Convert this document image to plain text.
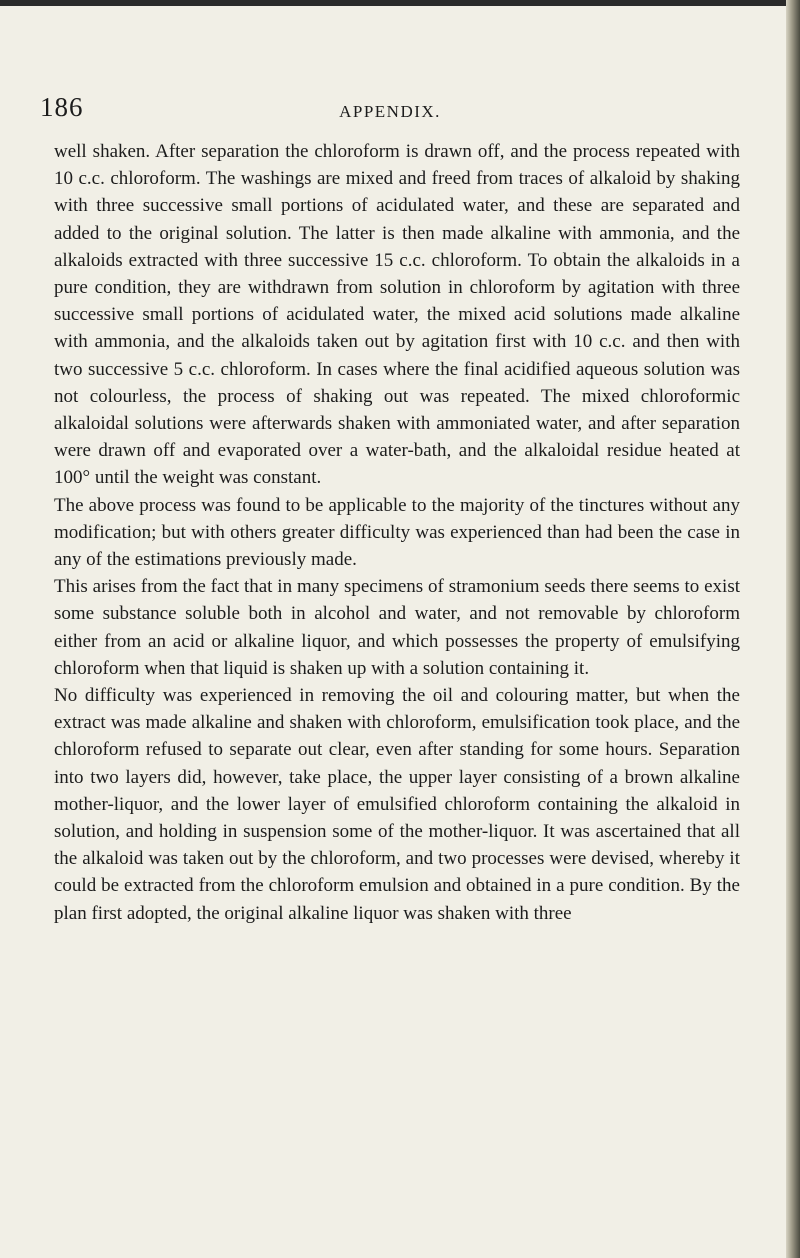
186	APPENDIX.

well shaken. After separation the chloroform is drawn off, and the process repeated with 10 c.c. chloroform. The washings are mixed and freed from traces of alkaloid by shaking with three successive small portions of acidulated water, and these are separated and added to the original solution. The latter is then made alkaline with ammonia, and the alkaloids extracted with three successive 15 c.c. chloroform. To obtain the alkaloids in a pure condition, they are withdrawn from solution in chloroform by agitation with three successive small portions of acidulated water, the mixed acid solutions made alkaline with ammonia, and the alkaloids taken out by agitation first with 10 c.c. and then with two successive 5 c.c. chloroform. In cases where the final acidified aqueous solution was not colourless, the process of shaking out was repeated. The mixed chloroformic alkaloidal solutions were afterwards shaken with ammoniated water, and after separation were drawn off and evaporated over a water-bath, and the alkaloidal residue heated at 100° until the weight was constant.

The above process was found to be applicable to the majority of the tinctures without any modification; but with others greater difficulty was experienced than had been the case in any of the estimations previously made.

This arises from the fact that in many specimens of stramonium seeds there seems to exist some substance soluble both in alcohol and water, and not removable by chloroform either from an acid or alkaline liquor, and which possesses the property of emulsifying chloroform when that liquid is shaken up with a solution containing it.

No difficulty was experienced in removing the oil and colouring matter, but when the extract was made alkaline and shaken with chloroform, emulsification took place, and the chloroform refused to separate out clear, even after standing for some hours. Separation into two layers did, however, take place, the upper layer consisting of a brown alkaline mother-liquor, and the lower layer of emulsified chloroform containing the alkaloid in solution, and holding in suspension some of the mother-liquor. It was ascertained that all the alkaloid was taken out by the chloroform, and two processes were devised, whereby it could be extracted from the chloroform emulsion and obtained in a pure condition. By the plan first adopted, the original alkaline liquor was shaken with three
